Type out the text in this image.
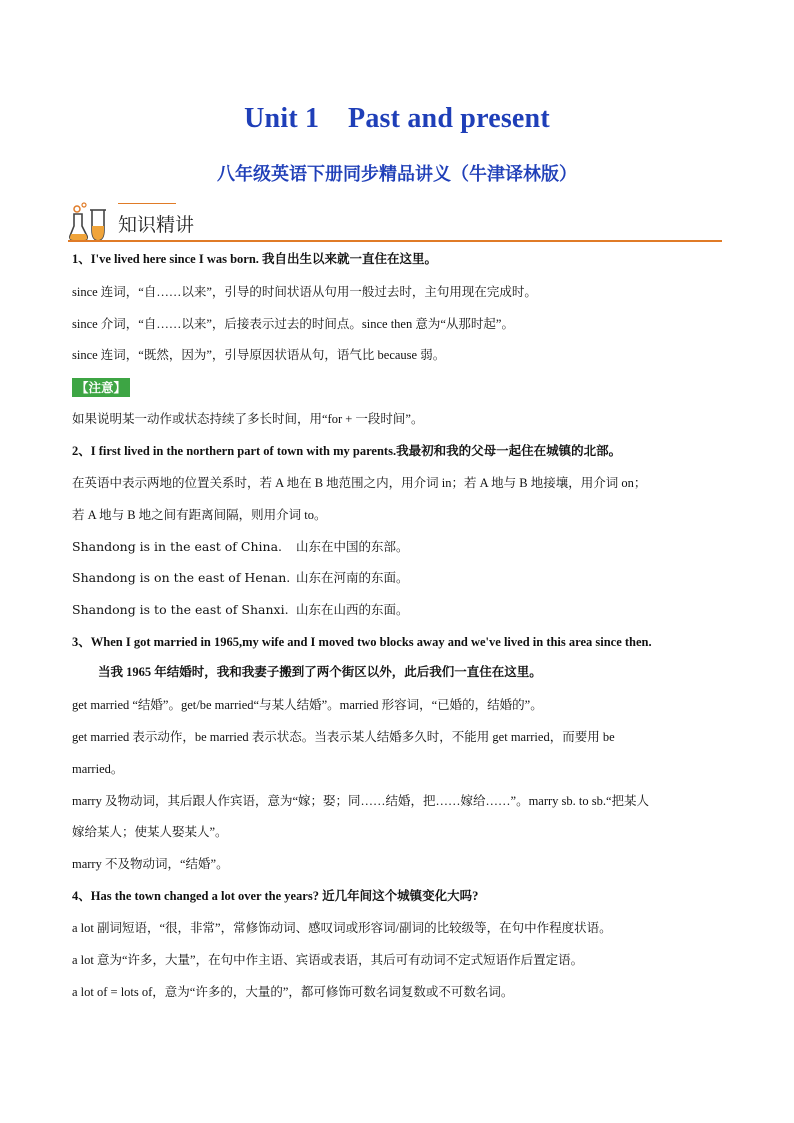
Unit 1    Past and present
八年级英语下册同步精品讲义（牛津译林版）
知识精讲
1、I've lived here since I was born. 我自出生以来就一直住在这里。
since 连词，“自……以来”，引导的时间状语从句用一般过去时，主句用现在完成时。
since 介词，“自……以来”，后接表示过去的时间点。since then 意为“从那时起”。
since 连词，“既然，因为”，引导原因状语从句，语气比 because 弱。
【注意】
如果说明某一动作或状态持续了多长时间，用“for + 一段时间”。
2、I first lived in the northern part of town with my parents.我最初和我的父母一起住在城镇的北部。
在英语中表示两地的位置关系时，若 A 地在 B 地范围之内，用介词 in；若 A 地与 B 地接壤，用介词 on；
若 A 地与 B 地之间有距离间隔，则用介词 to。
Shandong is in the east of China. 山东在中国的东部。
Shandong is on the east of Henan. 山东在河南的东面。
Shandong is to the east of Shanxi. 山东在山西的东面。
3、When I got married in 1965,my wife and I moved two blocks away and we've lived in this area since then.
当我 1965 年结婚时，我和我妻子搬到了两个街区以外，此后我们一直住在这里。
get married “结婚”。get/be married“与某人结婚”。married 形容词，“已婚的，结婚的”。
get married 表示动作，be married 表示状态。当表示某人结婚多久时，不能用 get married，而要用 be
married。
marry 及物动词，其后跟人作宾语，意为“嫁；娶；同……结婚，把……嫁给……”。marry sb. to sb.“把某人
嫁给某人；使某人娶某人”。
marry 不及物动词，“结婚”。
4、Has the town changed a lot over the years? 近几年间这个城镇变化大吗?
a lot 副词短语，“很，非常”，常修饰动词、感叹词或形容词/副词的比较级等，在句中作程度状语。
a lot 意为“许多，大量”，在句中作主语、宾语或表语，其后可有动词不定式短语作后置定语。
a lot of = lots of，意为“许多的，大量的”，都可修饰可数名词复数或不可数名词。
